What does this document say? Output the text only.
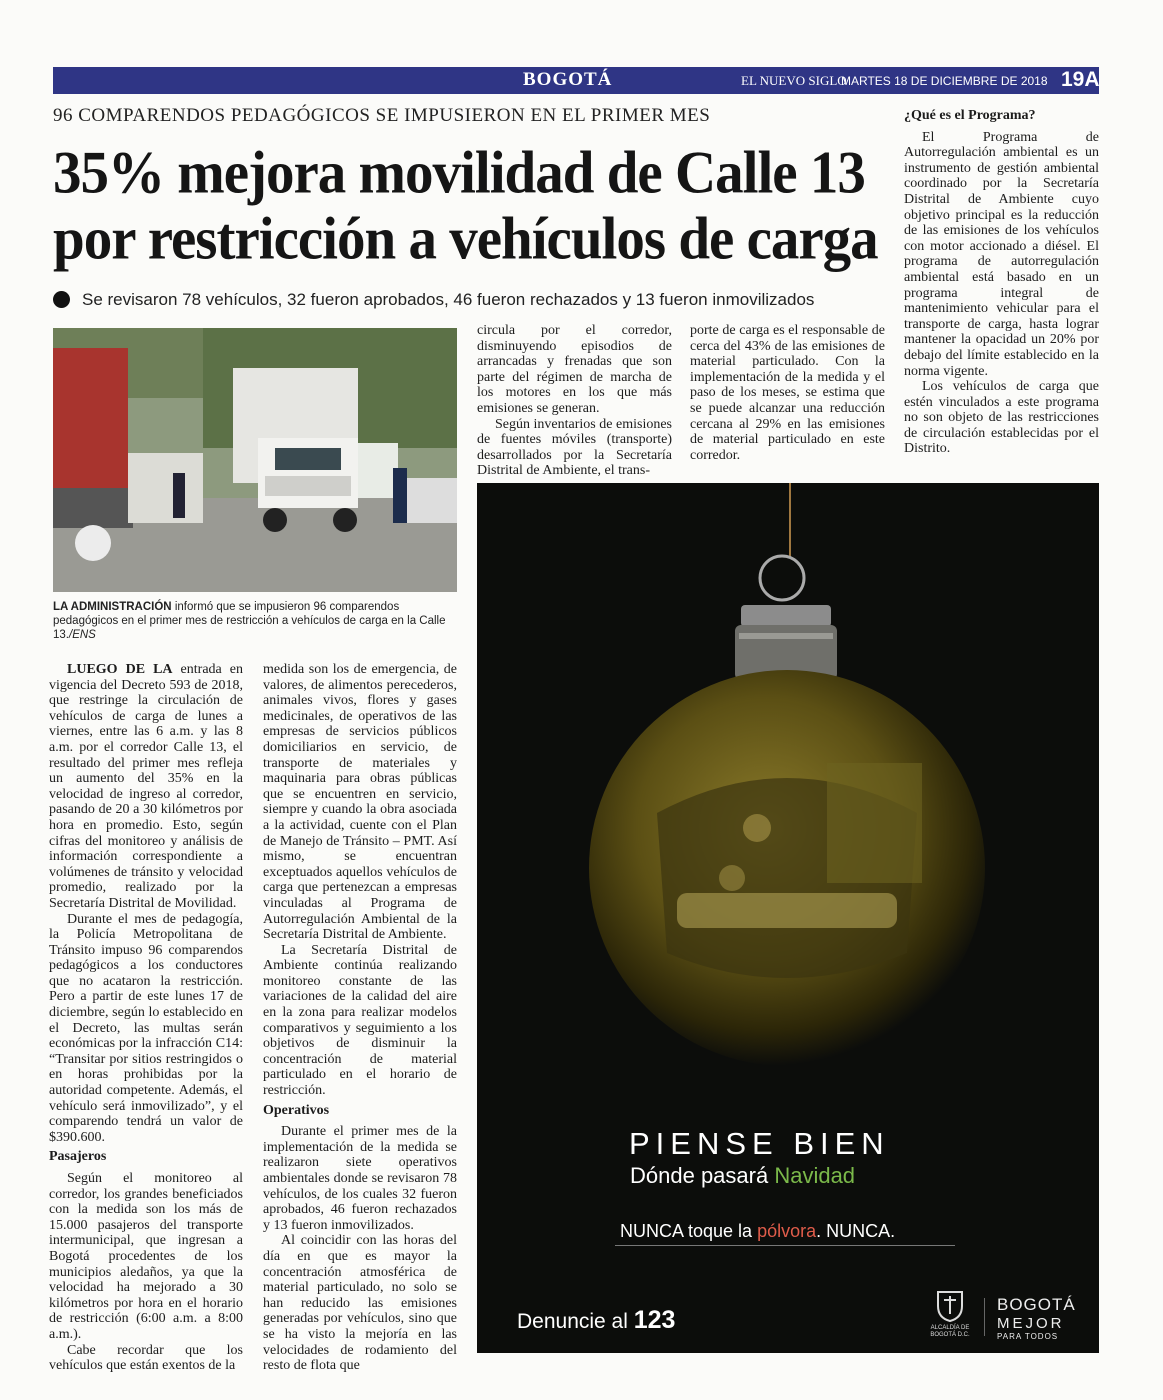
BOGOTÁ	EL NUEVO SIGLO
MARTES 18 DE DICIEMBRE DE 2018 19A
96 COMPARENDOS PEDAGÓGICOS SE IMPUSIERON EN EL PRIMER MES
35% mejora movilidad de Calle 13
por restricción a vehículos de carga
Se revisaron 78 vehículos, 32 fueron aprobados, 46 fueron rechazados y 13 fueron inmovilizados
LA ADMINISTRACIÓN informó que se impusieron 96 comparendos pedagógicos en el primer mes de restricción a vehículos de carga en la Calle 13./ENS

LUEGO DE LA entrada en vigencia del Decreto 593 de 2018, que restringe la circulación de vehículos de carga de lunes a viernes, entre las 6 a.m. y las 8 a.m. por el corredor Calle 13, el resultado del primer mes refleja un aumento del 35% en la velocidad de ingreso al corredor, pasando de 20 a 30 kilómetros por hora en promedio. Esto, según cifras del monitoreo y análisis de información correspondiente a volúmenes de tránsito y velocidad promedio, realizado por la Secretaría Distrital de Movilidad.

Durante el mes de pedagogía, la Policía Metropolitana de Tránsito impuso 96 comparendos pedagógicos a los conductores que no acataron la restricción. Pero a partir de este lunes 17 de diciembre, según lo establecido en el Decreto, las multas serán económicas por la infracción C14: “Transitar por sitios restringidos o en horas prohibidas por la autoridad competente. Además, el vehículo será inmovilizado”, y el comparendo tendrá un valor de $390.600.

Pasajeros

Según el monitoreo al corredor, los grandes beneficiados con la medida son los más de 15.000 pasajeros del transporte intermunicipal, que ingresan a Bogotá procedentes de los municipios aledaños, ya que la velocidad ha mejorado a 30 kilómetros por hora en el horario de restricción (6:00 a.m. a 8:00 a.m.).

Cabe recordar que los vehículos que están exentos de la

medida son los de emergencia, de valores, de alimentos perecederos, animales vivos, flores y gases medicinales, de operativos de las empresas de servicios públicos domiciliarios en servicio, de transporte de materiales y maquinaria para obras públicas que se encuentren en servicio, siempre y cuando la obra asociada a la actividad, cuente con el Plan de Manejo de Tránsito – PMT. Así mismo, se encuentran exceptuados aquellos vehículos de carga que pertenezcan a empresas vinculadas al Programa de Autorregulación Ambiental de la Secretaría Distrital de Ambiente.

La Secretaría Distrital de Ambiente continúa realizando monitoreo constante de las variaciones de la calidad del aire en la zona para realizar modelos comparativos y seguimiento a los objetivos de disminuir la concentración de material particulado en el horario de restricción.

Operativos

Durante el primer mes de la implementación de la medida se realizaron siete operativos ambientales donde se revisaron 78 vehículos, de los cuales 32 fueron aprobados, 46 fueron rechazados y 13 fueron inmovilizados.

Al coincidir con las horas del día en que es mayor la concentración atmosférica de material particulado, no solo se han reducido las emisiones generadas por vehículos, sino que se ha visto la mejoría en las velocidades de rodamiento del resto de flota que

circula por el corredor, disminuyendo episodios de arrancadas y frenadas que son parte del régimen de marcha de los motores en los que más emisiones se generan.

Según inventarios de emisiones de fuentes móviles (transporte) desarrollados por la Secretaría Distrital de Ambiente, el trans-

porte de carga es el responsable de cerca del 43% de las emisiones de material particulado. Con la implementación de la medida y el paso de los meses, se estima que se puede alcanzar una reducción cercana al 29% en las emisiones de material particulado en este corredor.

¿Qué es el Programa?

El Programa de Autorregulación ambiental es un instrumento de gestión ambiental coordinado por la Secretaría Distrital de Ambiente cuyo objetivo principal es la reducción de las emisiones de los vehículos con motor accionado a diésel. El programa de autorregulación ambiental está basado en un programa integral de mantenimiento vehicular para el transporte de carga, hasta lograr mantener la opacidad un 20% por debajo del límite establecido en la norma vigente.

Los vehículos de carga que estén vinculados a este programa no son objeto de las restricciones de circulación establecidas por el Distrito.

PIENSE BIEN
Dónde pasará Navidad
NUNCA toque la pólvora. NUNCA.
Denuncie al 123	ALCALDÍA DE BOGOTÁ D.C.
BOGOTÁ
MEJOR
PARA TODOS
